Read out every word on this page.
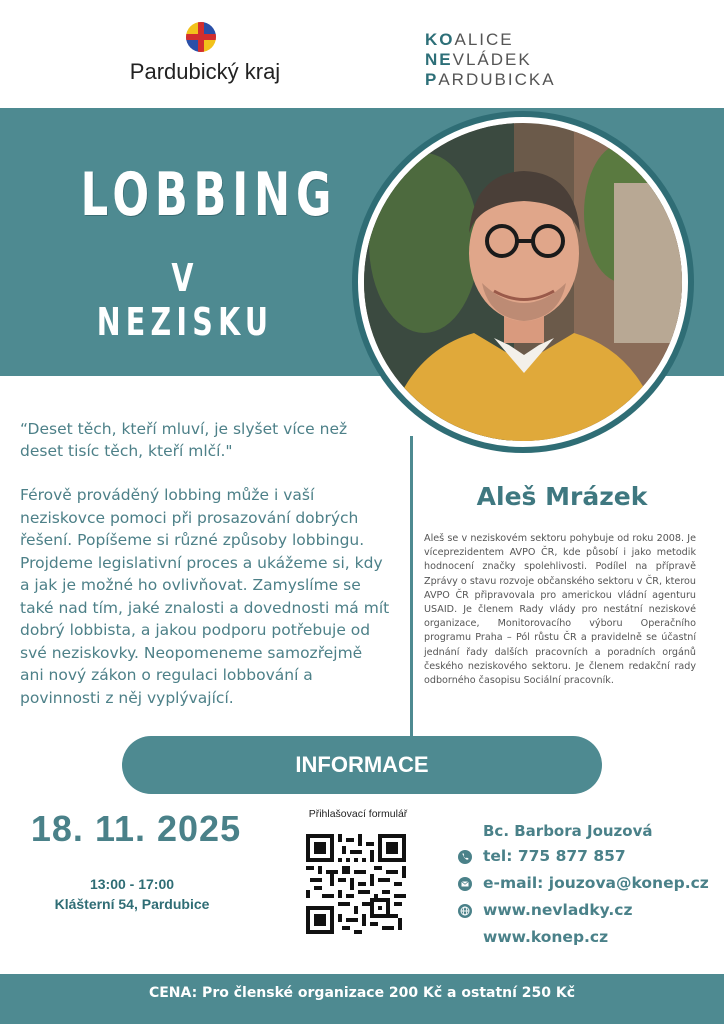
Pardubický kraj
KOALICE
NEVLÁDEK
PARDUBICKA
LOBBING
V NEZISKU
“Deset těch, kteří mluví, je slyšet více než deset tisíc těch, kteří mlčí."
Férově prováděný lobbing může i vaší neziskovce pomoci při prosazování dobrých řešení. Popíšeme si různé způsoby lobbingu. Projdeme legislativní proces a ukážeme si, kdy a jak je možné ho ovlivňovat. Zamyslíme se také nad tím, jaké znalosti a dovednosti má mít dobrý lobbista, a jakou podporu potřebuje od své neziskovky. Neopomeneme samozřejmě ani nový zákon o regulaci lobbování a povinnosti z něj vyplývající.
Aleš Mrázek
Aleš se v neziskovém sektoru pohybuje od roku 2008. Je víceprezidentem AVPO ČR, kde působí i jako metodik hodnocení značky spolehlivosti. Podílel na přípravě Zprávy o stavu rozvoje občanského sektoru v ČR, kterou AVPO ČR připravovala pro americkou vládní agenturu USAID. Je členem Rady vlády pro nestátní neziskové organizace, Monitorovacího výboru Operačního programu Praha – Pól růstu ČR a pravidelně se účastní jednání řady dalších pracovních a poradních orgánů českého neziskového sektoru. Je členem redakční rady odborného časopisu Sociální pracovník.
INFORMACE
18. 11. 2025
13:00 - 17:00
Klášterní 54, Pardubice
Přihlašovací formulář
Bc. Barbora Jouzová
tel: 775 877 857
e-mail: jouzova@konep.cz
www.nevladky.cz
www.konep.cz
CENA: Pro členské organizace 200 Kč a ostatní 250 Kč
